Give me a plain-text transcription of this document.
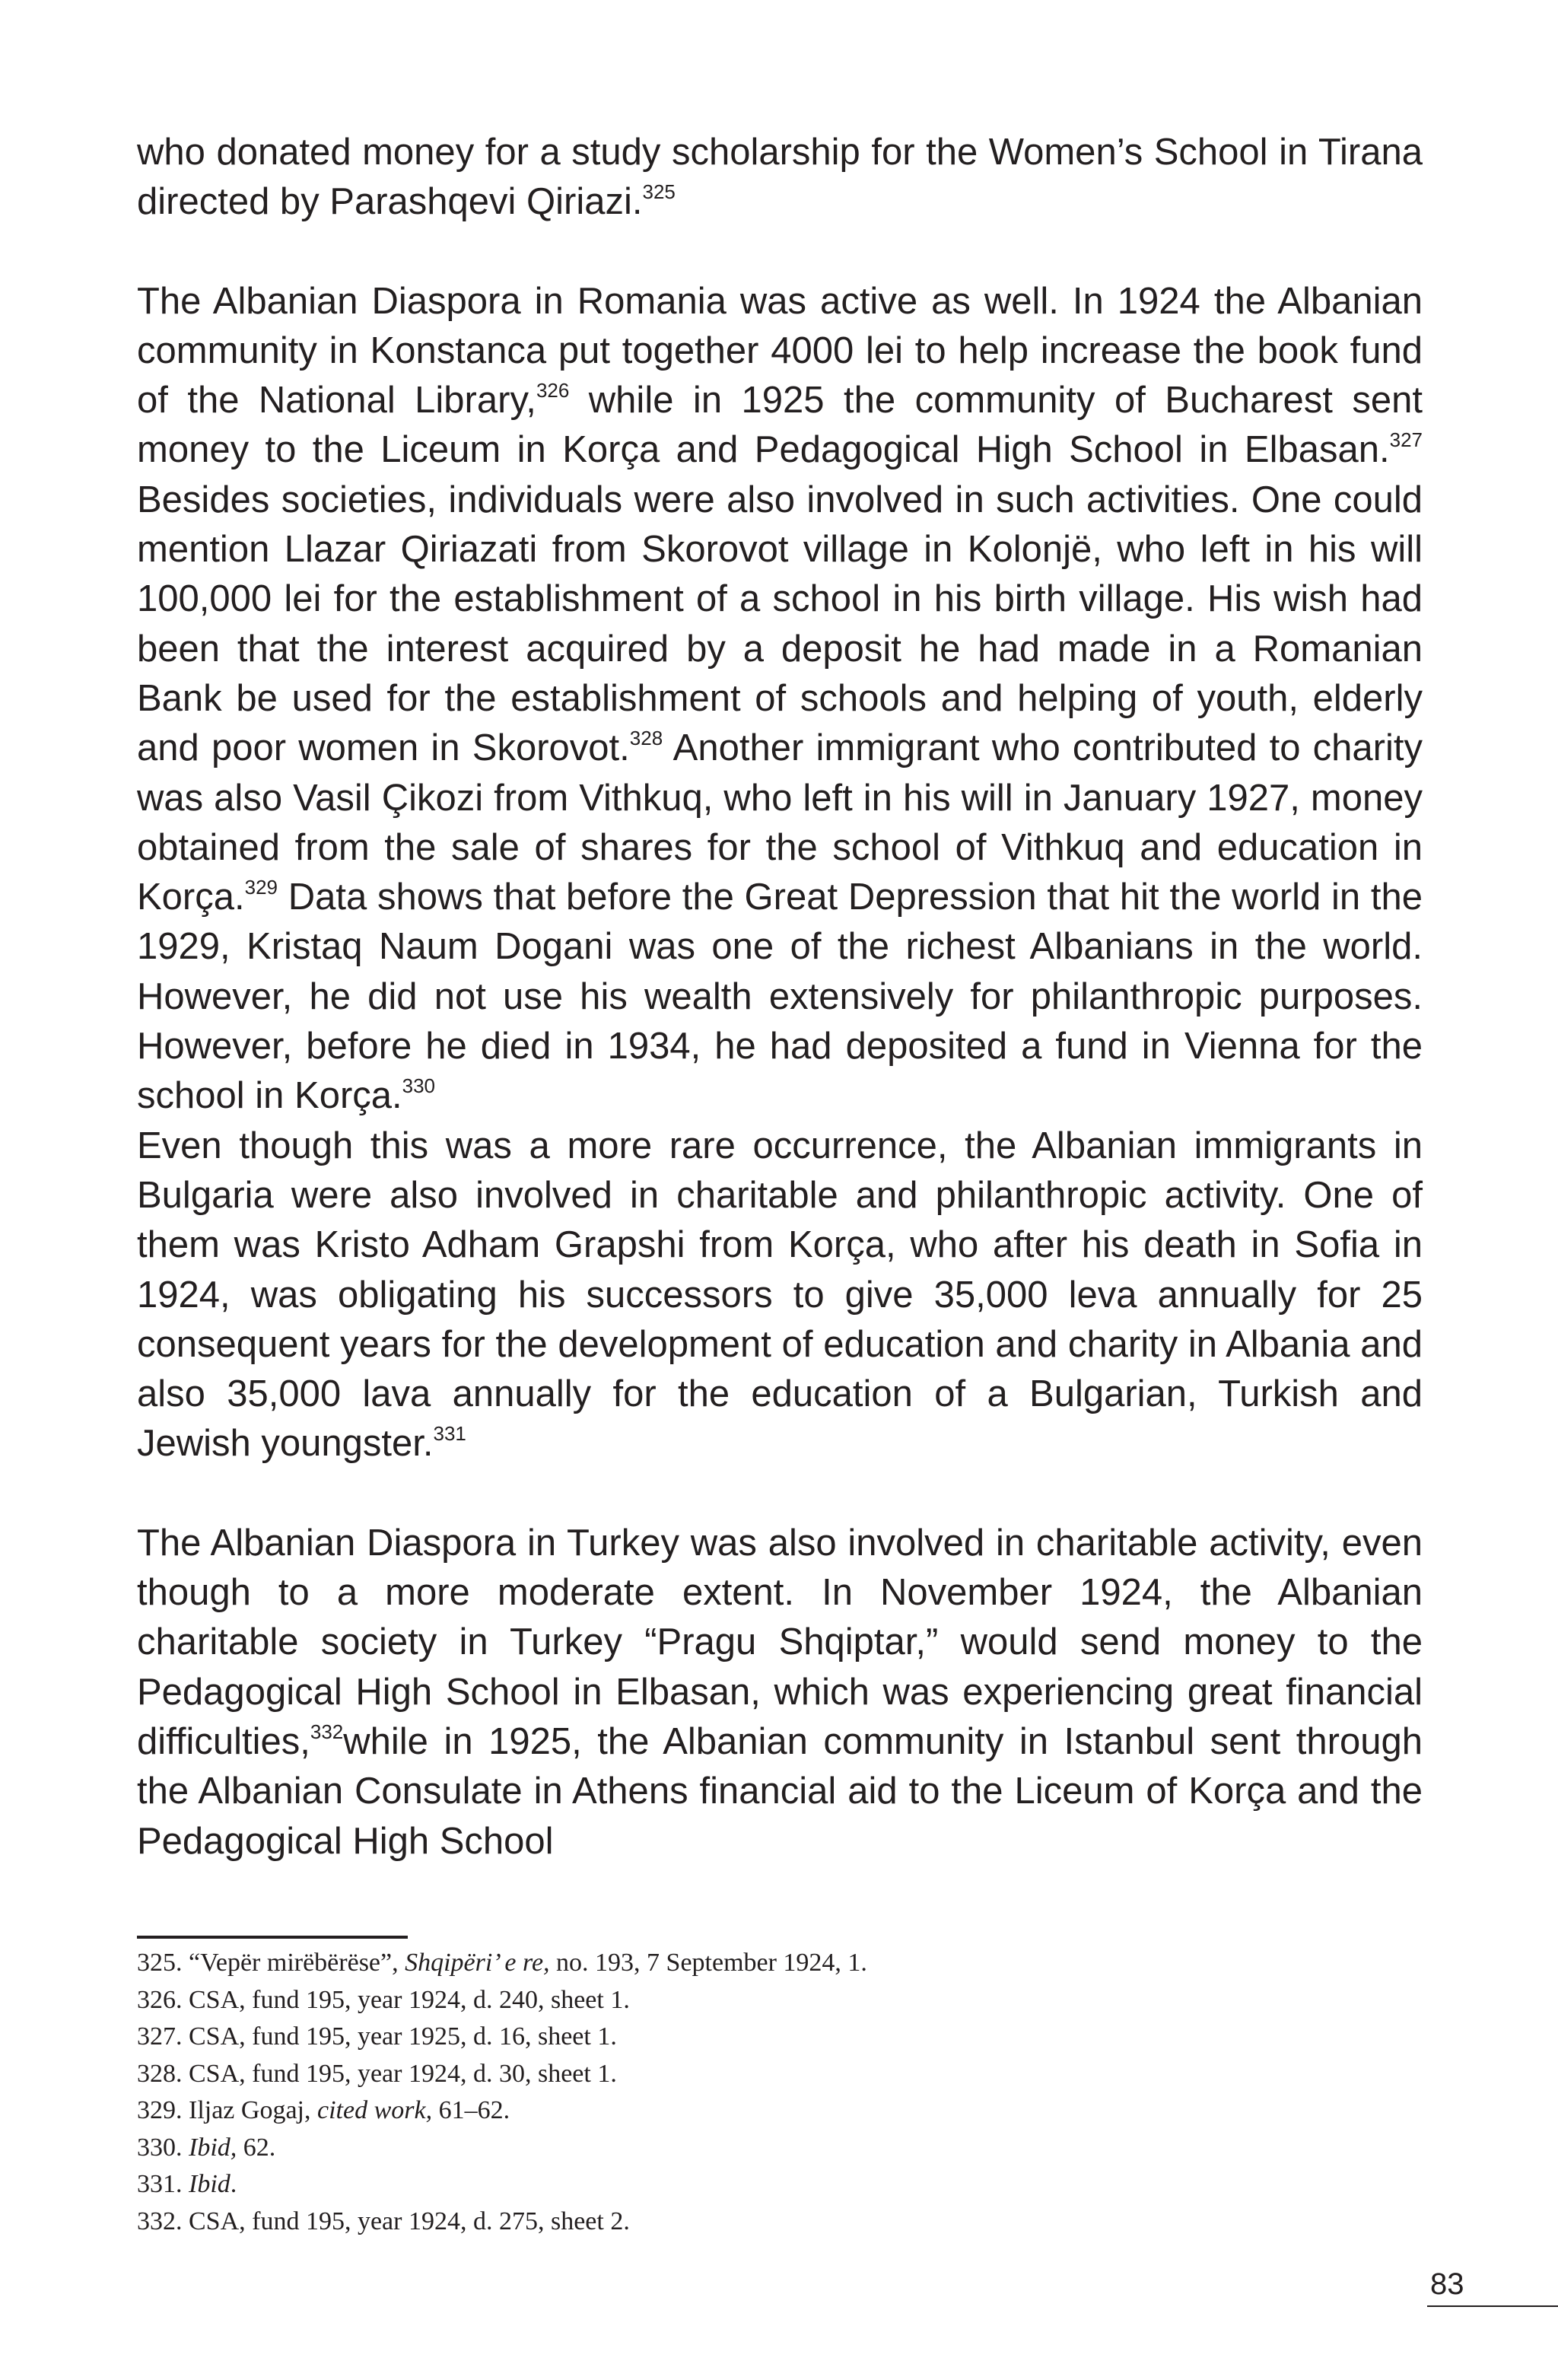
who donated money for a study scholarship for the Women’s School in Tirana directed by Parashqevi Qiriazi.$^{325}$

The Albanian Diaspora in Romania was active as well. In 1924 the Albanian community in Konstanca put together 4000 lei to help increase the book fund of the National Library,$^{326}$ while in 1925 the community of Bucharest sent money to the Liceum in Korça and Pedagogical High School in Elbasan.$^{327}$ Besides societies, individuals were also involved in such activities. One could mention Llazar Qiriazati from Skorovot village in Kolonjë, who left in his will 100,000 lei for the establishment of a school in his birth village. His wish had been that the interest acquired by a deposit he had made in a Romanian Bank be used for the establishment of schools and helping of youth, elderly and poor women in Skorovot.$^{328}$ Another immigrant who contributed to charity was also Vasil Çikozi from Vithkuq, who left in his will in January 1927, money obtained from the sale of shares for the school of Vithkuq and education in Korça.$^{329}$ Data shows that before the Great Depression that hit the world in the 1929, Kristaq Naum Dogani was one of the richest Albanians in the world. However, he did not use his wealth extensively for philanthropic purposes. However, before he died in 1934, he had deposited a fund in Vienna for the school in Korça.$^{330}$

Even though this was a more rare occurrence, the Albanian immigrants in Bulgaria were also involved in charitable and philanthropic activity. One of them was Kristo Adham Grapshi from Korça, who after his death in Sofia in 1924, was obligating his successors to give 35,000 leva annually for 25 consequent years for the development of education and charity in Albania and also 35,000 lava annually for the education of a Bulgarian, Turkish and Jewish youngster.$^{331}$

The Albanian Diaspora in Turkey was also involved in charitable activity, even though to a more moderate extent. In November 1924, the Albanian charitable society in Turkey “Pragu Shqiptar,” would send money to the Pedagogical High School in Elbasan, which was experiencing great financial difficulties,$^{332}$while in 1925, the Albanian community in Istanbul sent through the Albanian Consulate in Athens financial aid to the Liceum of Korça and the Pedagogical High School

325. “Vepër mirëbërëse”, Shqipëri’ e re, no. 193, 7 September 1924, 1.
326. CSA, fund 195, year 1924, d. 240, sheet 1.
327. CSA, fund 195, year 1925, d. 16, sheet 1.
328. CSA, fund 195, year 1924, d. 30, sheet 1.
329. Iljaz Gogaj, cited work, 61–62.
330. Ibid, 62.
331. Ibid.
332. CSA, fund 195, year 1924, d. 275, sheet 2.
83
